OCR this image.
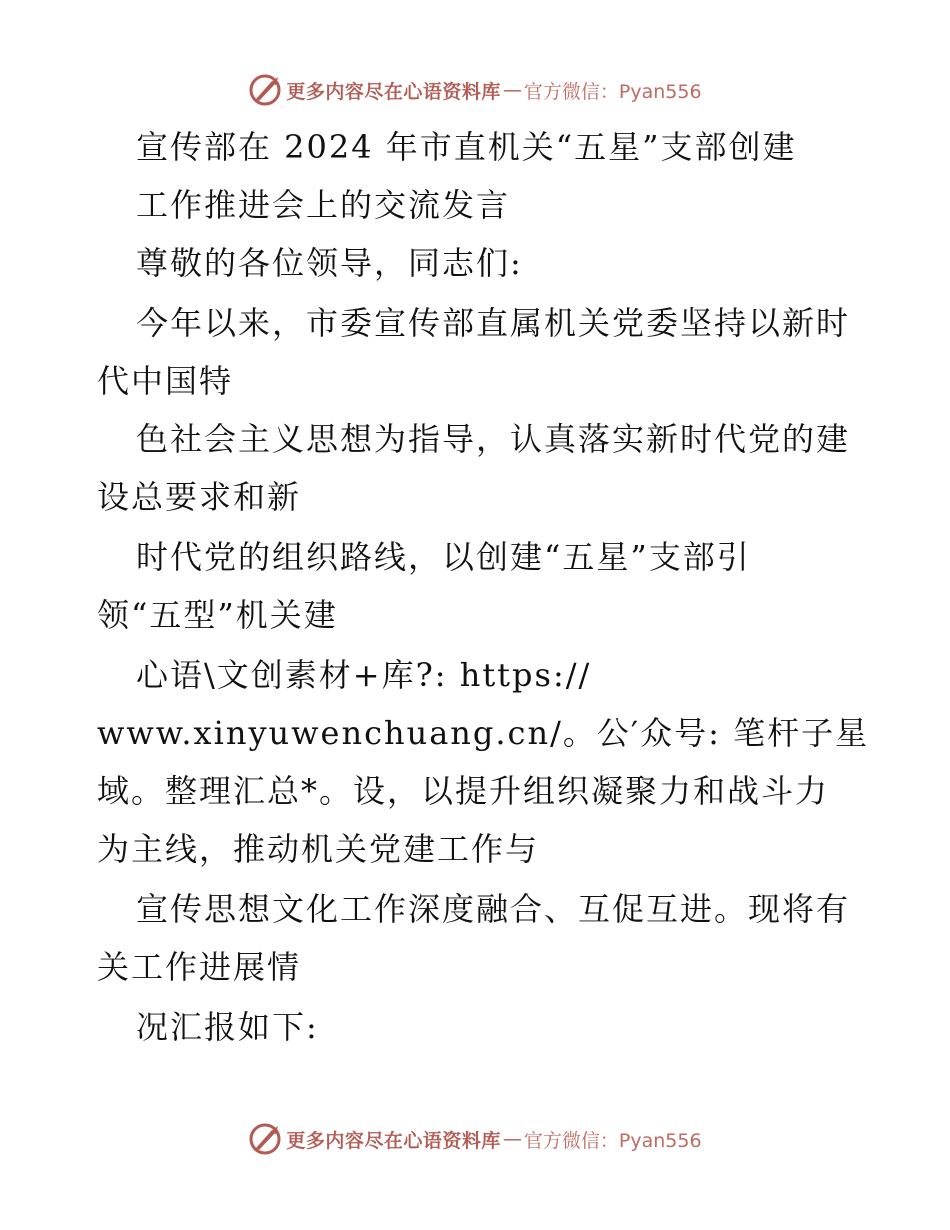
更多内容尽在心语资料库 — 官方微信：Pyan556
宣传部在 2024 年市直机关“五星”支部创建
工作推进会上的交流发言
尊敬的各位领导，同志们:
今年以来，市委宣传部直属机关党委坚持以新时
代中国特
色社会主义思想为指导，认真落实新时代党的建
设总要求和新
时代党的组织路线，以创建“五星”支部引
领“五型”机关建
心语\文创素材+库?: https://
www.xinyuwenchuang.cn/。公′众号: 笔杆子星
域。整理汇总*。设，以提升组织凝聚力和战斗力
为主线，推动机关党建工作与
宣传思想文化工作深度融合、互促互进。现将有
关工作进展情
况汇报如下:
更多内容尽在心语资料库 — 官方微信：Pyan556
